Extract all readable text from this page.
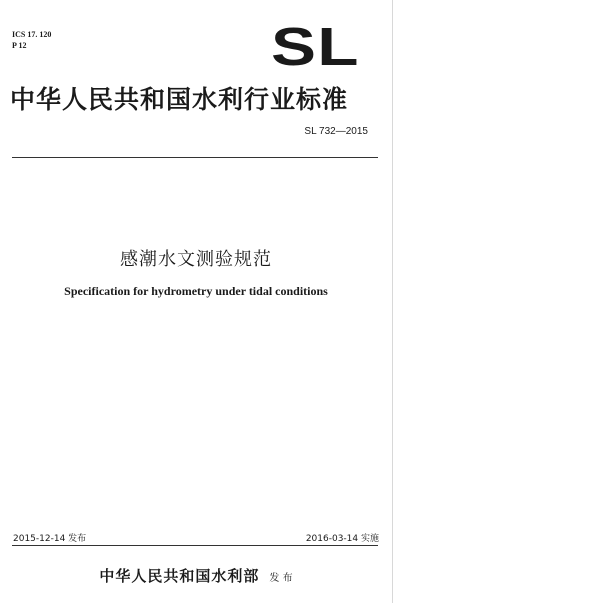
ICS 17. 120
P 12	SL
中华人民共和国水利行业标准
SL 732—2015
感潮水文测验规范
Specification for hydrometry under tidal conditions
2015-12-14 发布	2016-03-14 实施
中华人民共和国水利部 发 布
